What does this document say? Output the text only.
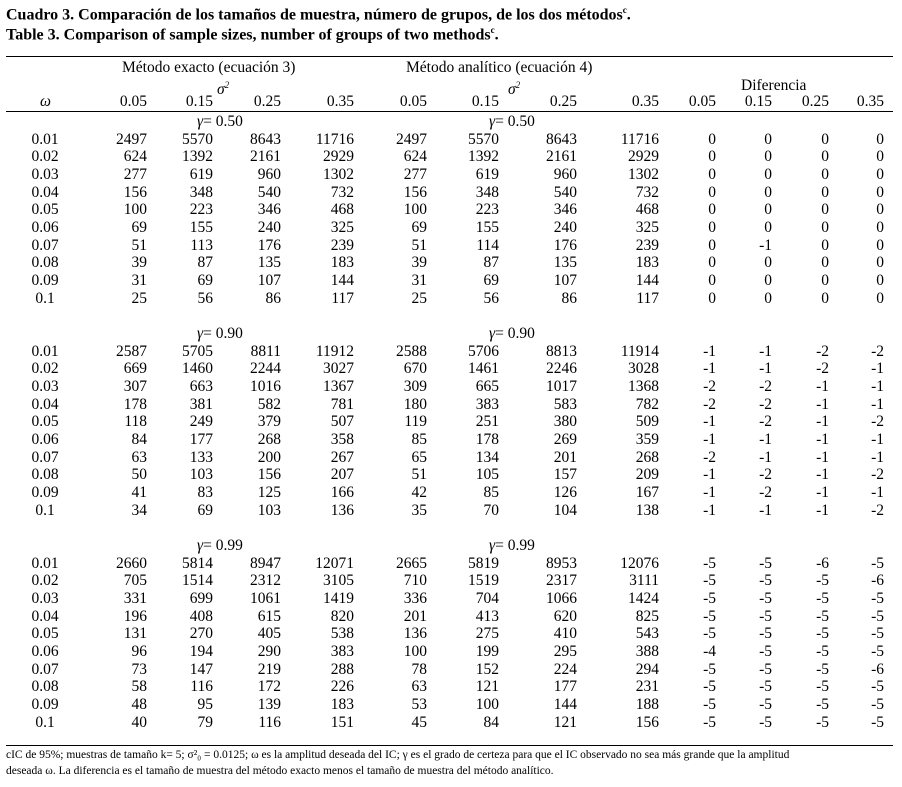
Cuadro 3. Comparación de los tamaños de muestra, número de grupos, de los dos métodos$^c$.
Table 3. Comparison of sample sizes, number of groups of two methods$^c$.
Método exacto (ecuación 3)	Método analítico (ecuación 4)
Diferencia
$\sigma^2$	$\sigma^2$
ω	0.05	0.15	0.25	0.35	0.05	0.15	0.25	0.35	0.05	0.15	0.25	0.35
γ= 0.50	γ= 0.50
0.01	2497	5570	8643	11716	2497	5570	8643	11716	0	0	0	0
0.02	624	1392	2161	2929	624	1392	2161	2929	0	0	0	0
0.03	277	619	960	1302	277	619	960	1302	0	0	0	0
0.04	156	348	540	732	156	348	540	732	0	0	0	0
0.05	100	223	346	468	100	223	346	468	0	0	0	0
0.06	69	155	240	325	69	155	240	325	0	0	0	0
0.07	51	113	176	239	51	114	176	239	0	-1	0	0
0.08	39	87	135	183	39	87	135	183	0	0	0	0
0.09	31	69	107	144	31	69	107	144	0	0	0	0
0.1	25	56	86	117	25	56	86	117	0	0	0	0
γ= 0.90	γ= 0.90
0.01	2587	5705	8811	11912	2588	5706	8813	11914	-1	-1	-2	-2
0.02	669	1460	2244	3027	670	1461	2246	3028	-1	-1	-2	-1
0.03	307	663	1016	1367	309	665	1017	1368	-2	-2	-1	-1
0.04	178	381	582	781	180	383	583	782	-2	-2	-1	-1
0.05	118	249	379	507	119	251	380	509	-1	-2	-1	-2
0.06	84	177	268	358	85	178	269	359	-1	-1	-1	-1
0.07	63	133	200	267	65	134	201	268	-2	-1	-1	-1
0.08	50	103	156	207	51	105	157	209	-1	-2	-1	-2
0.09	41	83	125	166	42	85	126	167	-1	-2	-1	-1
0.1	34	69	103	136	35	70	104	138	-1	-1	-1	-2
γ= 0.99	γ= 0.99
0.01	2660	5814	8947	12071	2665	5819	8953	12076	-5	-5	-6	-5
0.02	705	1514	2312	3105	710	1519	2317	3111	-5	-5	-5	-6
0.03	331	699	1061	1419	336	704	1066	1424	-5	-5	-5	-5
0.04	196	408	615	820	201	413	620	825	-5	-5	-5	-5
0.05	131	270	405	538	136	275	410	543	-5	-5	-5	-5
0.06	96	194	290	383	100	199	295	388	-4	-5	-5	-5
0.07	73	147	219	288	78	152	224	294	-5	-5	-5	-6
0.08	58	116	172	226	63	121	177	231	-5	-5	-5	-5
0.09	48	95	139	183	53	100	144	188	-5	-5	-5	-5
0.1	40	79	116	151	45	84	121	156	-5	-5	-5	-5
cIC de 95%; muestras de tamaño k= 5; σ²₀ = 0.0125; ω es la amplitud deseada del IC; γ es el grado de certeza para que el IC observado no sea más grande que la amplitud
deseada ω. La diferencia es el tamaño de muestra del método exacto menos el tamaño de muestra del método analítico.
